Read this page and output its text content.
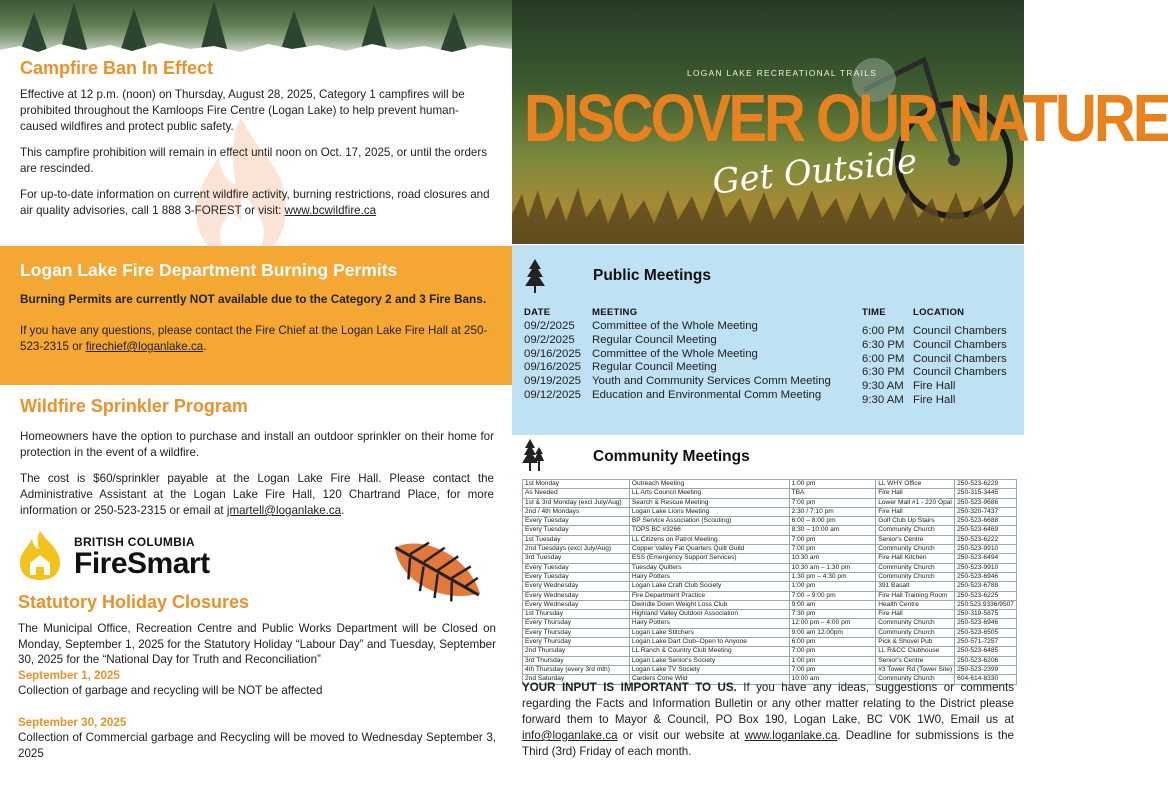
Campfire Ban In Effect

Effective at 12 p.m. (noon) on Thursday, August 28, 2025, Category 1 campfires will be prohibited throughout the Kamloops Fire Centre (Logan Lake) to help prevent human-caused wildfires and protect public safety.

This campfire prohibition will remain in effect until noon on Oct. 17, 2025, or until the orders are rescinded.

For up-to-date information on current wildfire activity, burning restrictions, road closures and air quality advisories, call 1 888 3-FOREST or visit: www.bcwildfire.ca

Logan Lake Fire Department Burning Permits

Burning Permits are currently NOT available due to the Category 2 and 3 Fire Bans.

If you have any questions, please contact the Fire Chief at the Logan Lake Fire Hall at 250-523-2315 or firechief@loganlake.ca.

Wildfire Sprinkler Program

Homeowners have the option to purchase and install an outdoor sprinkler on their home for protection in the event of a wildfire.

The cost is $60/sprinkler payable at the Logan Lake Fire Hall. Please contact the Administrative Assistant at the Logan Lake Fire Hall, 120 Chartrand Place, for more information or 250-523-2315 or email at jmartell@loganlake.ca.

BRITISH COLUMBIA
FireSmart
Statutory Holiday Closures

The Municipal Office, Recreation Centre and Public Works Department will be Closed on Monday, September 1, 2025 for the Statutory Holiday “Labour Day” and Tuesday, September 30, 2025 for the “National Day for Truth and Reconciliation”

September 1, 2025

Collection of garbage and recycling will be NOT be affected

September 30, 2025

Collection of Commercial garbage and Recycling will be moved to Wednesday September 3, 2025

LOGAN LAKE RECREATIONAL TRAILS
DISCOVER OUR NATURE
Get Outside
Public Meetings
DATE	MEETING	TIME	LOCATION
09/2/2025 Committee of the Whole Meeting	6:00 PM Council Chambers
09/2/2025 Regular Council Meeting	6:30 PM Council Chambers
09/16/2025 Committee of the Whole Meeting	6:00 PM Council Chambers
09/16/2025 Regular Council Meeting	6:30 PM Council Chambers
09/19/2025 Youth and Community Services Comm Meeting	9:30 AM Fire Hall
09/12/2025 Education and Environmental Comm Meeting	9:30 AM Fire Hall
Community Meetings
1st Monday	Outreach Meeting	1:00 pm	LL WHY Office	250-523-6229
As Needed	LL Arts Council Meeting	TBA	Fire Hall	250-315-3445
1st & 3rd Monday (excl July/Aug)	Search & Rescue Meeting	7:00 pm	Lower Mall #1 - 220 Opal	250-523-9686
2nd / 4th Mondays	Logan Lake Lions Meeting	2:30 / 7:10 pm	Fire Hall	250-320-7437
Every Tuesday	BP Service Association (Scouting)	6:00 – 8:00 pm	Golf Club Up Stairs	250-523-6688
Every Tuesday	TOPS BC #3266	8:30 – 10:00 am	Community Church	250-523-6469
1st Tuesday	LL Citizens on Patrol Meeting	7:00 pm	Senior's Centre	250-523-6222
2nd Tuesdays (excl July/Aug)	Copper Valley Fat Quarters Quilt Guild	7:00 pm	Community Church	250-523-9910
3rd Tuesday	ESS (Emergency Support Services)	10:30 am	Fire Hall Kitchen	250-523-6494
Every Tuesday	Tuesday Quilters	10:30 am – 1:30 pm	Community Church	250-523-9910
Every Tuesday	Hairy Potters	1:30 pm – 4:30 pm	Community Church	250-523-6946
Every Wednesday	Logan Lake Craft Club Society	1:00 pm	391 Basalt	250-523-6788
Every Wednesday	Fire Department Practice	7:00 – 9:00 pm	Fire Hall Training Room	250-523-6225
Every Wednesday	Dwindle Down Weight Loss Club	9:00 am	Health Centre	250.523.9336/9507
1st Thursday	Highland Valley Outdoor Association	7:30 pm	Fire Hall	250-319-5875
Every Thursday	Hairy Potters	12:00 pm – 4:00 pm	Community Church	250-523-6946
Every Thursday	Logan Lake Stitchers	9:00 am 12:00pm	Community Church	250-523-6505
Every Thursday	Logan Lake Dart Club–Open to Anyone	6:00 pm	Pick & Shovel Pub	250-571-7257
2nd Thursday	LL Ranch & Country Club Meeting	7:00 pm	LL R&CC Clubhouse	250-523-6485
3rd Thursday	Logan Lake Senior's Society	1:00 pm	Senior's Centre	250-523-6206
4th Thursday (every 3rd mth)	Logan Lake TV Society	7:00 pm	#3 Tower Rd (Tower Site)	250-523-2399
2nd Saturday	Carders Cone Wild	10:00 am	Community Church	604-614-8330

YOUR INPUT IS IMPORTANT TO US. If you have any ideas, suggestions or comments regarding the Facts and Information Bulletin or any other matter relating to the District please forward them to Mayor & Council, PO Box 190, Logan Lake, BC V0K 1W0, Email us at info@loganlake.ca or visit our website at www.loganlake.ca. Deadline for submissions is the Third (3rd) Friday of each month.
